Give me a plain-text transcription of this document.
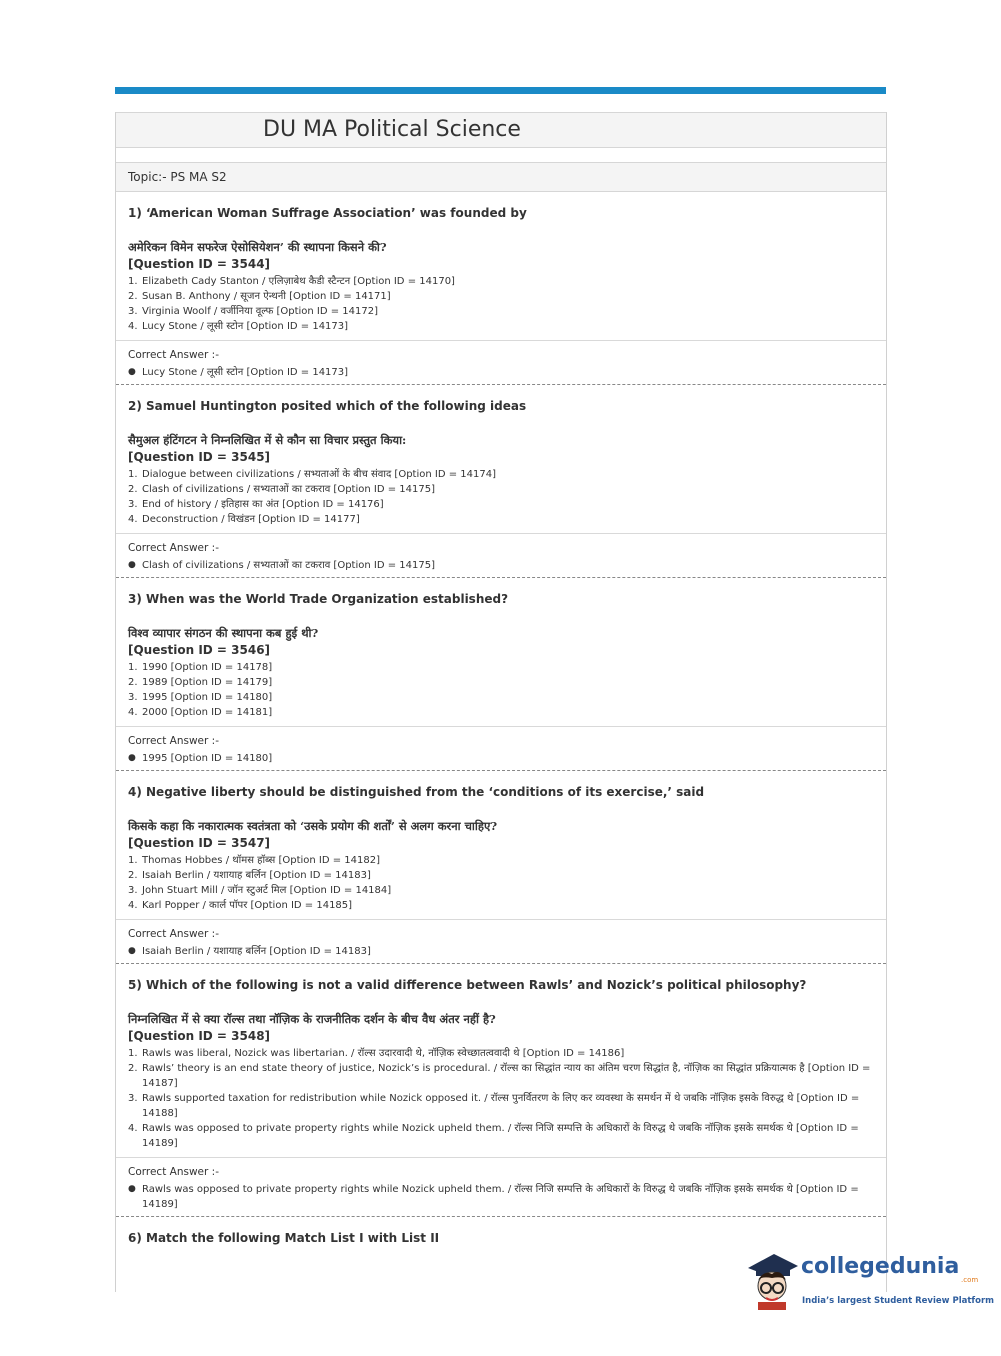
DU MA Political Science
Topic:- PS MA S2
1) ‘American Woman Suffrage Association’ was founded by
अमेरिकन विमेन सफरेज ऐसोसियेशन’ की स्थापना किसने की?
[Question ID = 3544]
1. Elizabeth Cady Stanton / एलिज़ाबेथ कैडी स्टैन्टन [Option ID = 14170]
2. Susan B. Anthony / सूजन ऐन्थनी [Option ID = 14171]
3. Virginia Woolf / वर्जीनिया वूल्फ [Option ID = 14172]
4. Lucy Stone / लूसी स्टोन [Option ID = 14173]
Correct Answer :-
● Lucy Stone / लूसी स्टोन [Option ID = 14173]
2) Samuel Huntington posited which of the following ideas
सैमुअल हंटिंगटन ने निम्नलिखित में से कौन सा विचार प्रस्तुत किया:
[Question ID = 3545]
1. Dialogue between civilizations / सभ्यताओं के बीच संवाद [Option ID = 14174]
2. Clash of civilizations / सभ्यताओं का टकराव [Option ID = 14175]
3. End of history / इतिहास का अंत [Option ID = 14176]
4. Deconstruction / विखंडन [Option ID = 14177]
Correct Answer :-
● Clash of civilizations / सभ्यताओं का टकराव [Option ID = 14175]
3) When was the World Trade Organization established?
विश्व व्यापार संगठन की स्थापना कब हुई थी?
[Question ID = 3546]
1. 1990 [Option ID = 14178]
2. 1989 [Option ID = 14179]
3. 1995 [Option ID = 14180]
4. 2000 [Option ID = 14181]
Correct Answer :-
● 1995 [Option ID = 14180]
4) Negative liberty should be distinguished from the ‘conditions of its exercise,’ said
किसके कहा कि नकारात्मक स्वतंत्रता को ‘उसके प्रयोग की शर्तों’ से अलग करना चाहिए?
[Question ID = 3547]
1. Thomas Hobbes / थॉमस हॉब्स [Option ID = 14182]
2. Isaiah Berlin / यशायाह बर्लिन [Option ID = 14183]
3. John Stuart Mill / जॉन स्टुअर्ट मिल [Option ID = 14184]
4. Karl Popper / कार्ल पॉपर [Option ID = 14185]
Correct Answer :-
● Isaiah Berlin / यशायाह बर्लिन [Option ID = 14183]
5) Which of the following is not a valid difference between Rawls’ and Nozick’s political philosophy?
निम्नलिखित में से क्या रॉल्स तथा नॉज़िक के राजनीतिक दर्शन के बीच वैध अंतर नहीं है?
[Question ID = 3548]
1. Rawls was liberal, Nozick was libertarian. / रॉल्स उदारवादी थे, नॉज़िक स्वेच्छातत्ववादी थे [Option ID = 14186]
2. Rawls’ theory is an end state theory of justice, Nozick’s is procedural. / रॉल्स का सिद्धांत न्याय का अंतिम चरण सिद्धांत है, नॉज़िक का सिद्धांत प्रक्रियात्मक है [Option ID = 14187]
3. Rawls supported taxation for redistribution while Nozick opposed it. / रॉल्स पुनर्वितरण के लिए कर व्यवस्था के समर्थन में थे जबकि नॉज़िक इसके विरुद्ध थे [Option ID = 14188]
4. Rawls was opposed to private property rights while Nozick upheld them. / रॉल्स निजि सम्पत्ति के अधिकारों के विरुद्ध थे जबकि नॉज़िक इसके समर्थक थे [Option ID = 14189]
Correct Answer :-
● Rawls was opposed to private property rights while Nozick upheld them. / रॉल्स निजि सम्पत्ति के अधिकारों के विरुद्ध थे जबकि नॉज़िक इसके समर्थक थे [Option ID = 14189]
6) Match the following Match List I with List II
collegedunia
.com
India’s largest Student Review Platform
